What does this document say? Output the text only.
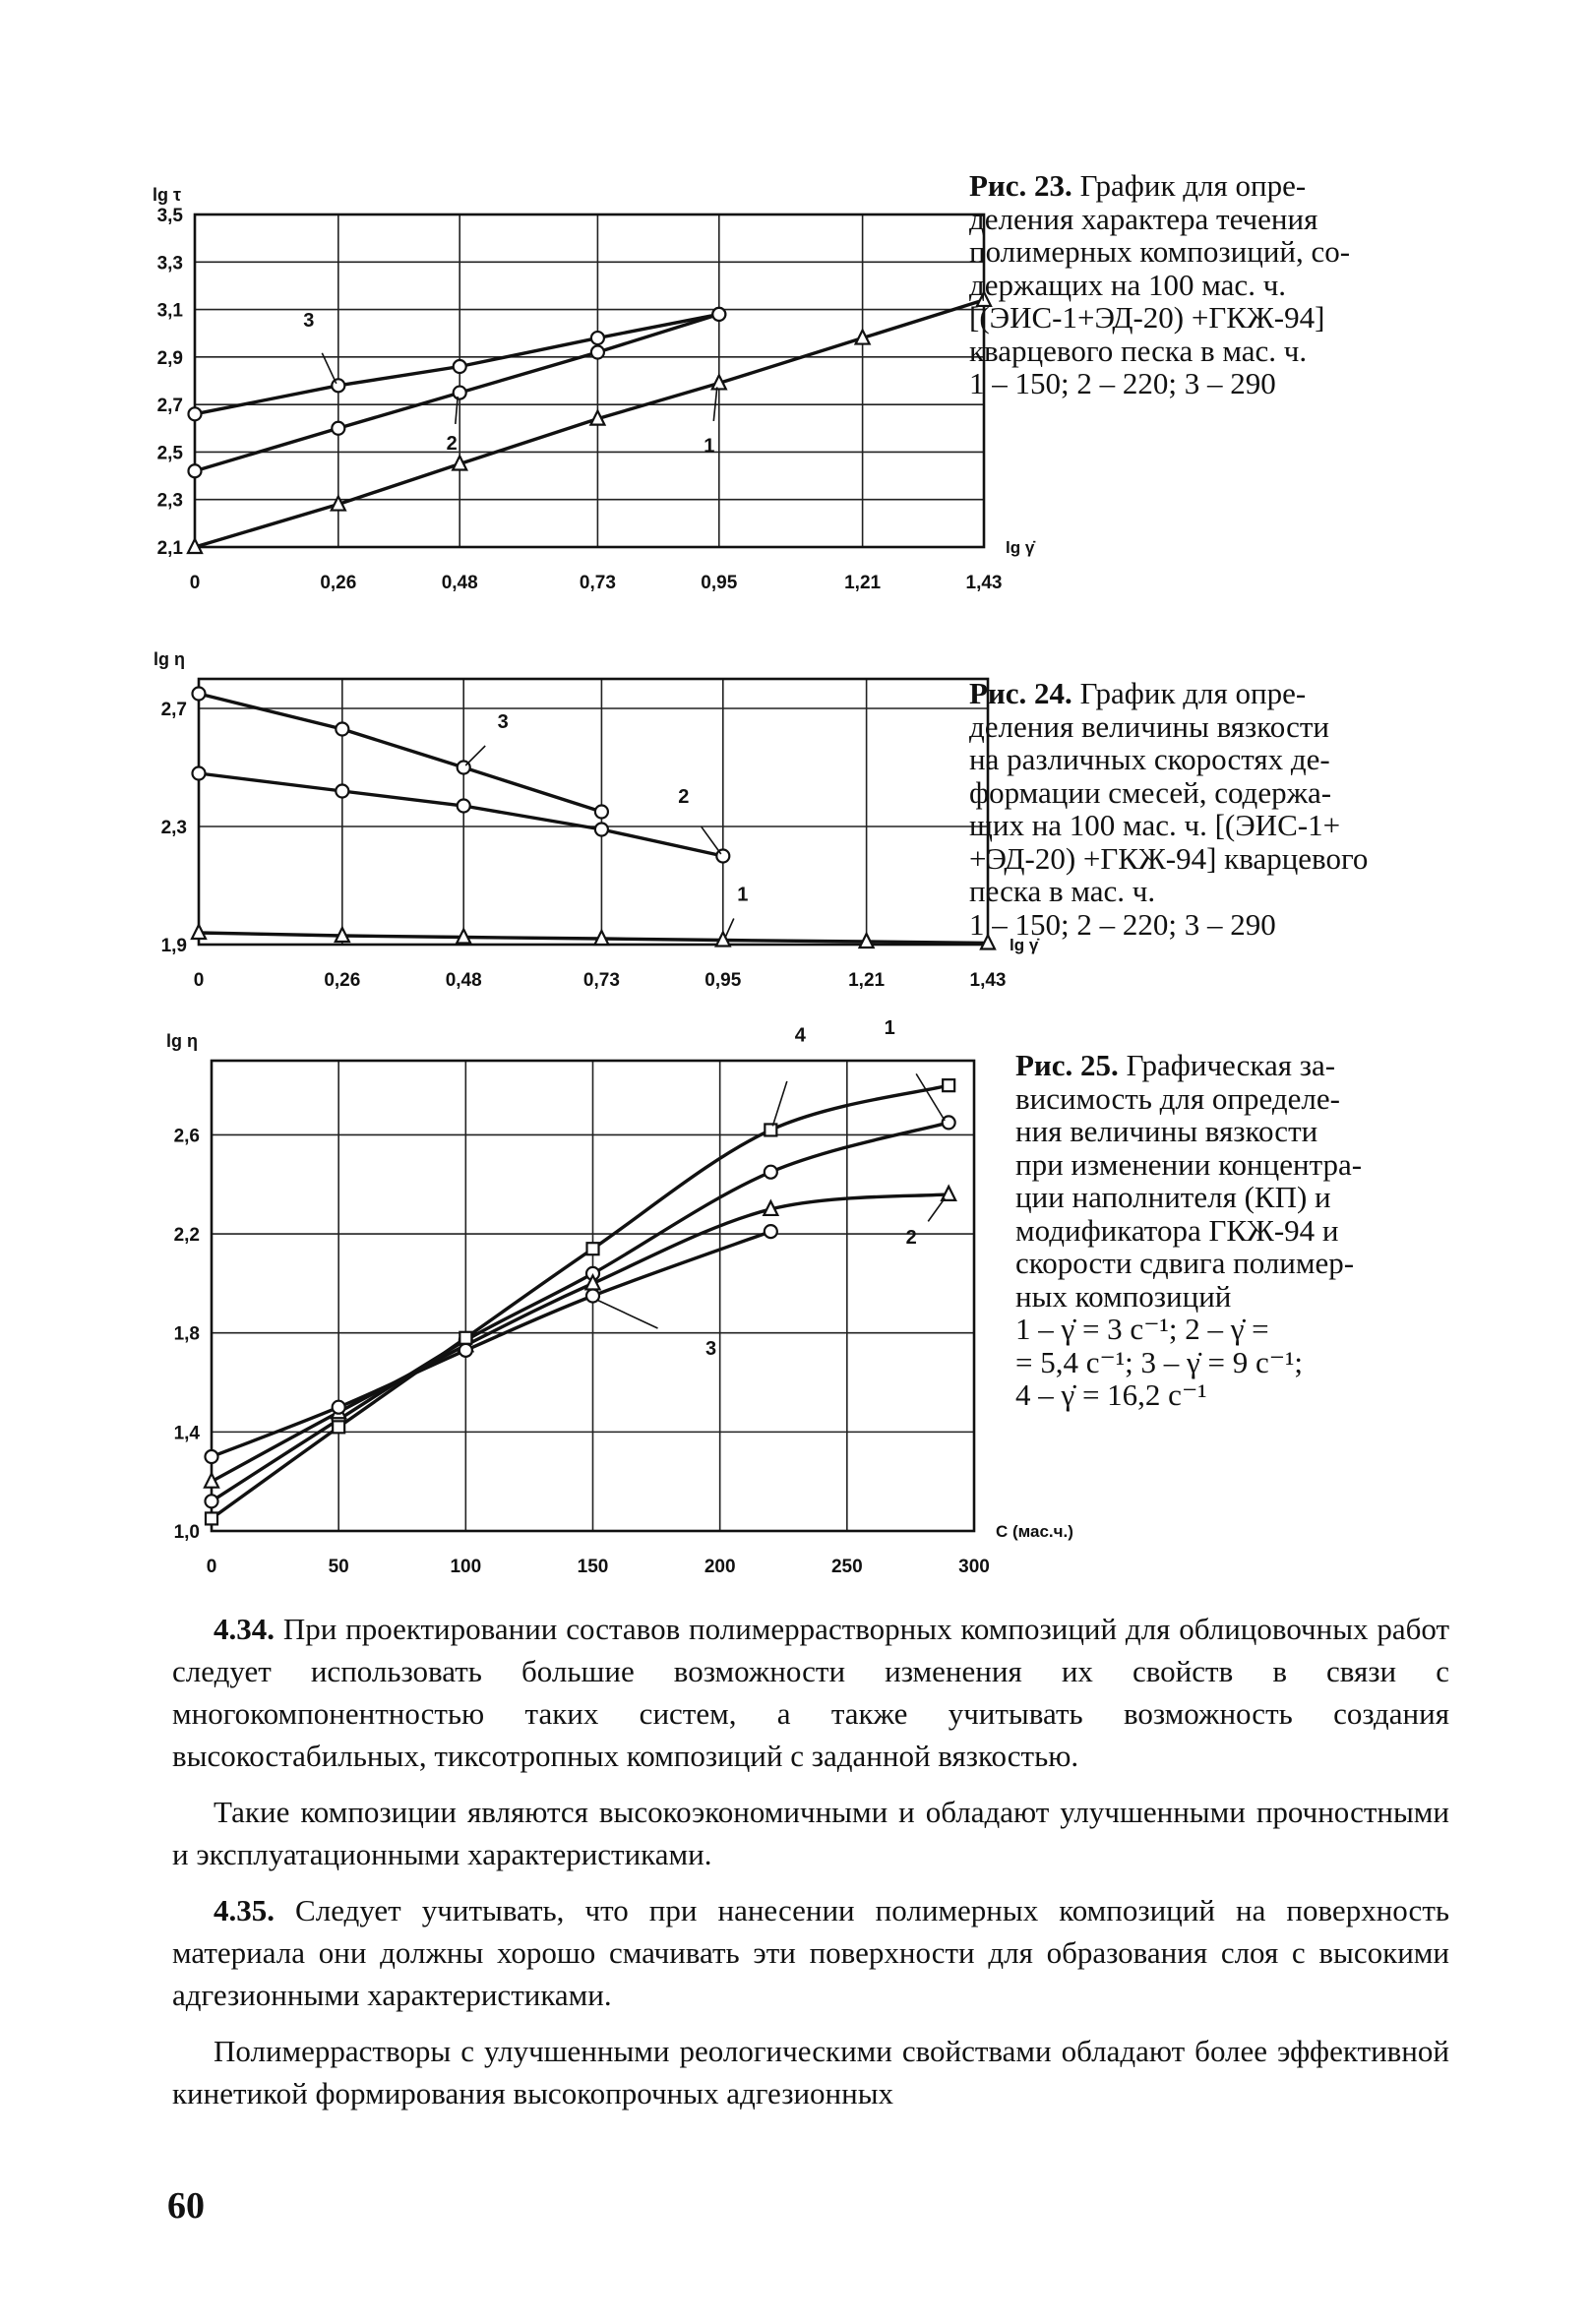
0	0,26	0,48	0,73	0,95	1,21	1,43
2,1
2,3
2,5
2,7
2,9
3,1
3,3
3,5
lg τ
lg γ̇
1
2
3
Рис. 23. График для опре-
деления характера течения
полимерных композиций, со-
держащих на 100 мас. ч.
[(ЭИС-1+ЭД-20) +ГКЖ-94]
кварцевого песка в мас. ч.
1 – 150; 2 – 220; 3 – 290
0	0,26	0,48	0,73	0,95	1,21	1,43
1,9
2,3
2,7
lg η
lg γ̇
1
2
3
Рис. 24. График для опре-
деления величины вязкости
на различных скоростях де-
формации смесей, содержа-
щих на 100 мас. ч. [(ЭИС-1+
+ЭД-20) +ГКЖ-94] кварцевого
песка в мас. ч.
1 – 150; 2 – 220; 3 – 290
0	50	100	150	200	250	300
1,0
1,4
1,8
2,2
2,6
lg η
C (мас.ч.)
1
2
3
4
Рис. 25. Графическая за-
висимость для определе-
ния величины вязкости
при изменении концентра-
ции наполнителя (КП) и
модификатора ГКЖ-94 и
скорости сдвига полимер-
ных композиций
1 – γ̇ = 3 с⁻¹; 2 – γ̇ =
= 5,4 с⁻¹; 3 – γ̇ = 9 с⁻¹;
4 – γ̇ = 16,2 с⁻¹

4.34. При проектировании составов полимеррастворных композиций для облицовочных работ следует использовать большие возможности изменения их свойств в связи с многокомпонентностью таких систем, а также учитывать возможность создания высокостабильных, тиксотропных композиций с заданной вязкостью.

Такие композиции являются высокоэкономичными и обладают улучшенными прочностными и эксплуатационными характеристиками.

4.35. Следует учитывать, что при нанесении полимерных композиций на поверхность материала они должны хорошо смачивать эти поверхности для образования слоя с высокими адгезионными характеристиками.

Полимеррастворы с улучшенными реологическими свойствами обладают более эффективной кинетикой формирования высокопрочных адгезионных

60
